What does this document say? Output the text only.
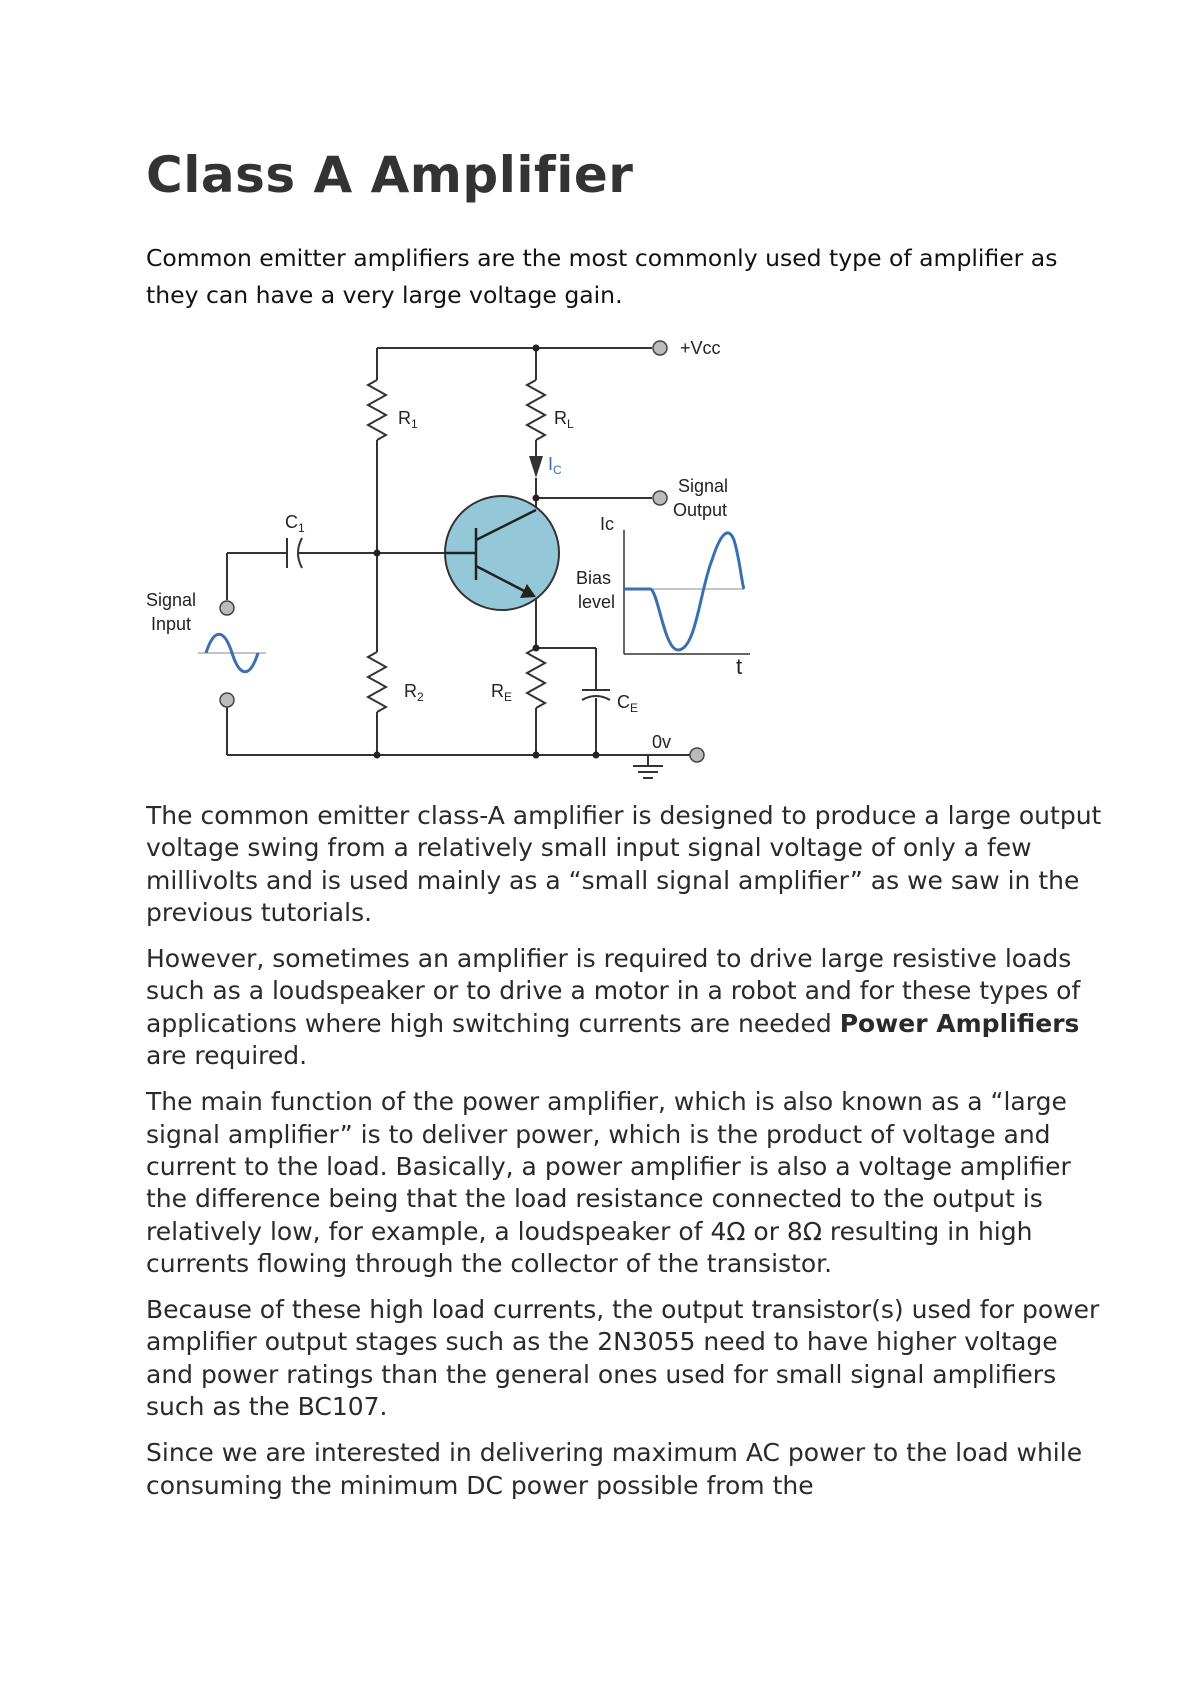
Class A Amplifier

Common emitter amplifiers are the most commonly used type of amplifier as they can have a very large voltage gain.

+Vcc
$R_1$	$R_L$
$I_C$
Signal
Output
Ic
$C_1$
Bias
level
Signal
Input
t
$R_2$	$R_E$	$C_E$
0v

The common emitter class-A amplifier is designed to produce a large output voltage swing from a relatively small input signal voltage of only a few millivolts and is used mainly as a “small signal amplifier” as we saw in the previous tutorials.

However, sometimes an amplifier is required to drive large resistive loads such as a loudspeaker or to drive a motor in a robot and for these types of applications where high switching currents are needed Power Amplifiers are required.

The main function of the power amplifier, which is also known as a “large signal amplifier” is to deliver power, which is the product of voltage and current to the load. Basically, a power amplifier is also a voltage amplifier the difference being that the load resistance connected to the output is relatively low, for example, a loudspeaker of 4Ω or 8Ω resulting in high currents flowing through the collector of the transistor.

Because of these high load currents, the output transistor(s) used for power amplifier output stages such as the 2N3055 need to have higher voltage and power ratings than the general ones used for small signal amplifiers such as the BC107.

Since we are interested in delivering maximum AC power to the load while consuming the minimum DC power possible from the
